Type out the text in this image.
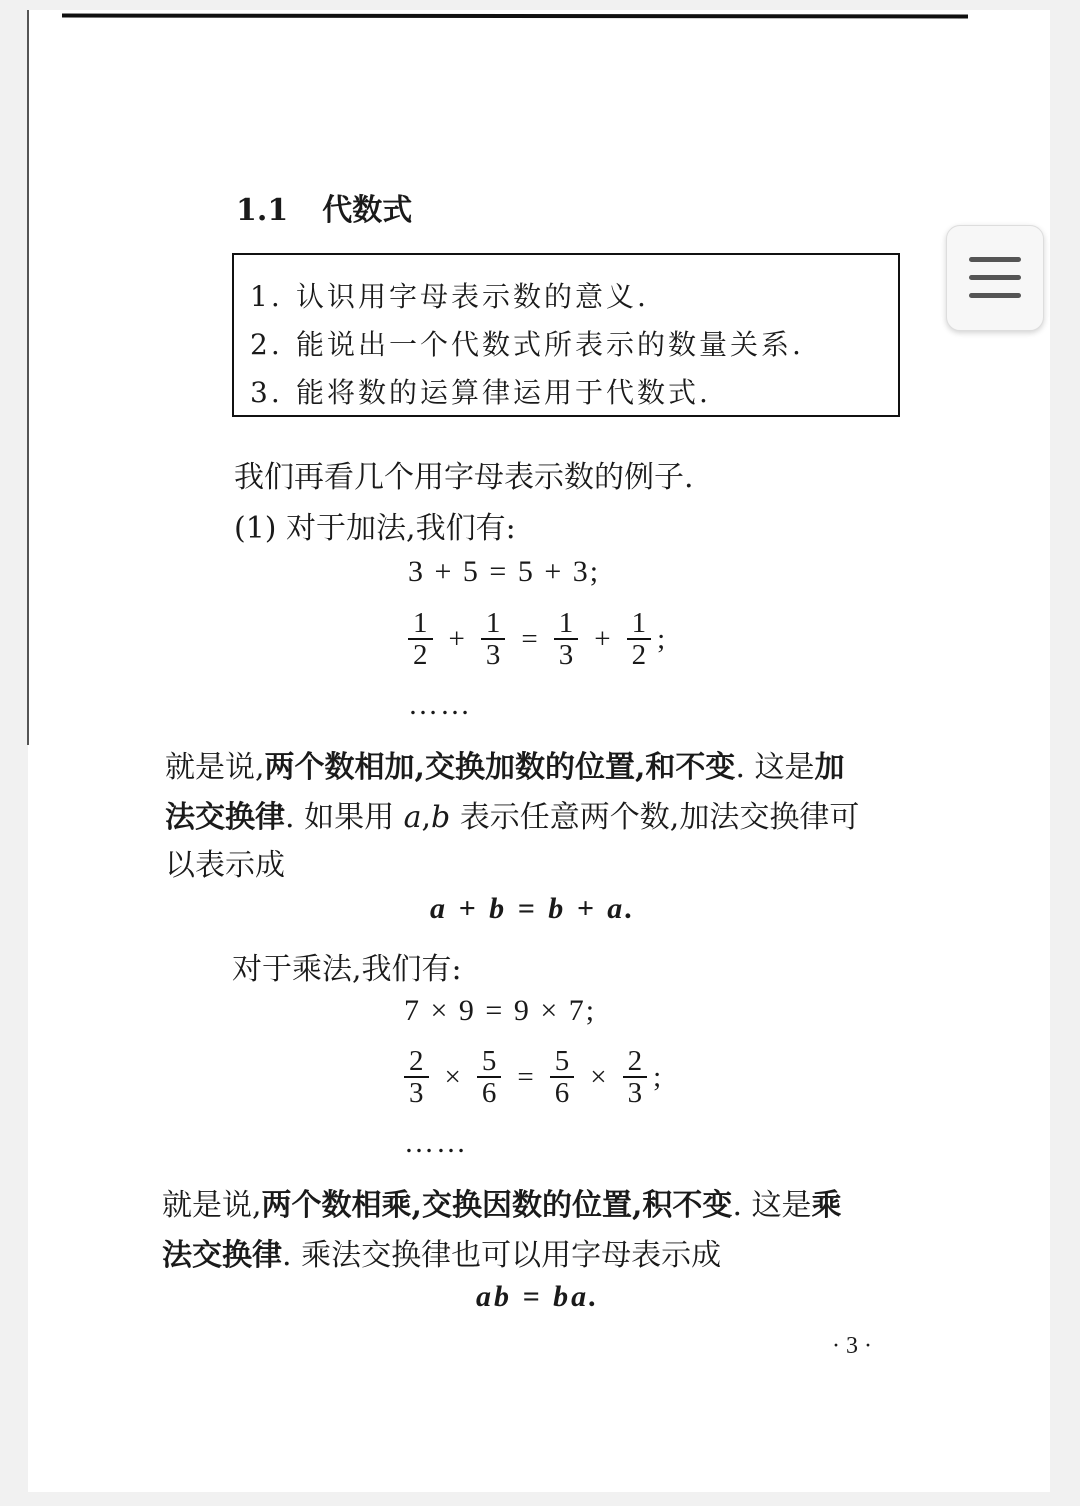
1.1 代数式
1. 认识用字母表示数的意义.
2. 能说出一个代数式所表示的数量关系.
3. 能将数的运算律运用于代数式.
我们再看几个用字母表示数的例子.
(1) 对于加法,我们有:
3 + 5 = 5 + 3;
$\frac{1}{2} + \frac{1}{3} = \frac{1}{3} + \frac{1}{2}$ ;
……
就是说,两个数相加,交换加数的位置,和不变. 这是加
法交换律. 如果用 a,b 表示任意两个数,加法交换律可
以表示成
a + b = b + a.
对于乘法,我们有:
7 × 9 = 9 × 7;
$\frac{2}{3} \times \frac{5}{6} = \frac{5}{6} \times \frac{2}{3}$ ;
……
就是说,两个数相乘,交换因数的位置,积不变. 这是乘
法交换律. 乘法交换律也可以用字母表示成
ab = ba.
· 3 ·
